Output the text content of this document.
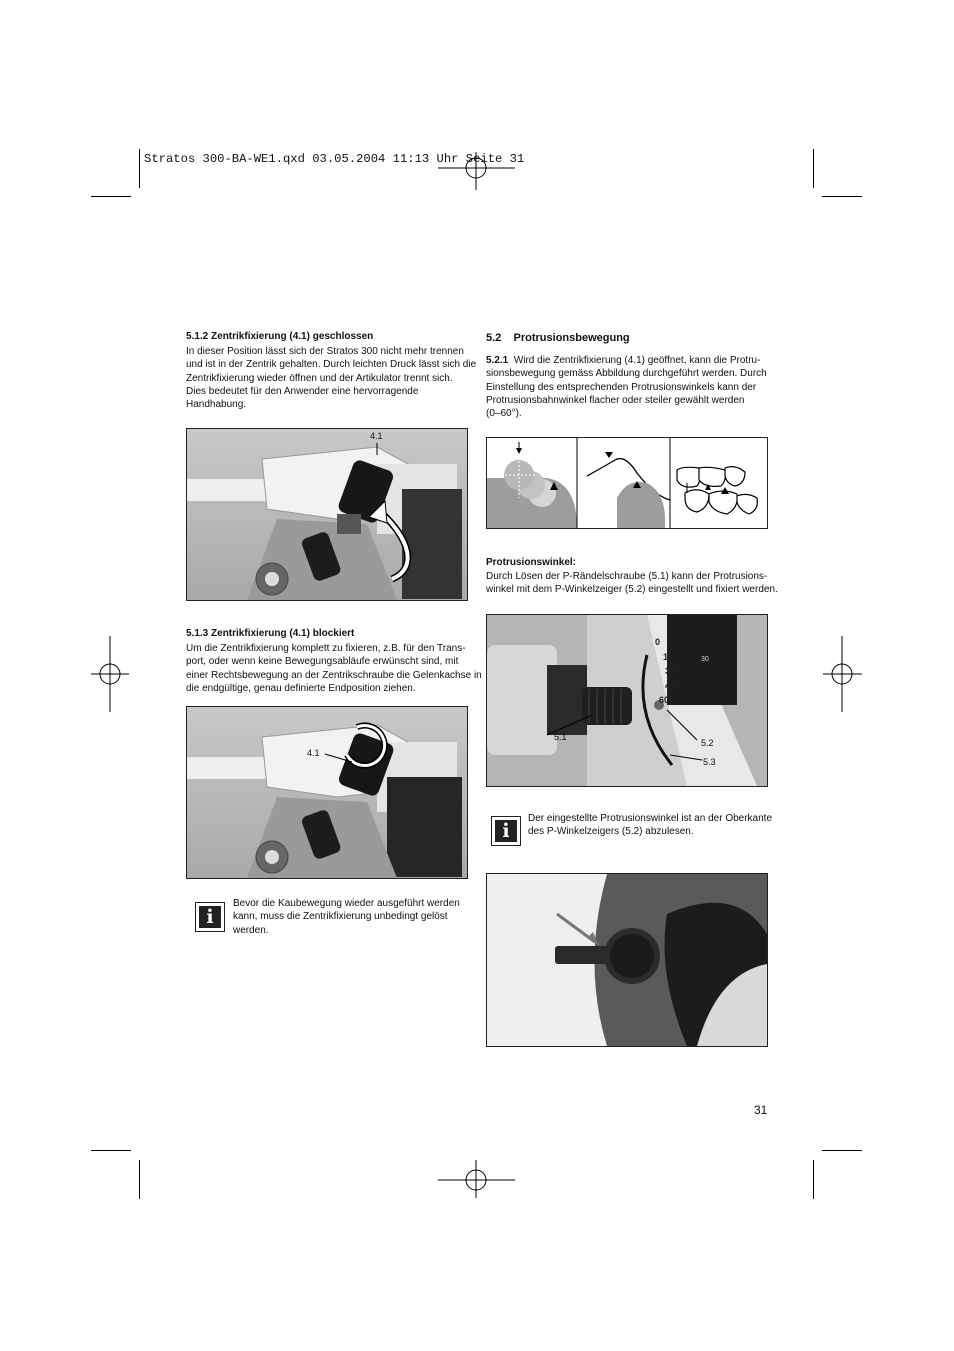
Stratos 300-BA-WE1.qxd 03.05.2004 11:13 Uhr Seite 31
5.1.2 Zentrikfixierung (4.1) geschlossen
In dieser Position lässt sich der Stratos 300 nicht mehr trennen
und ist in der Zentrik gehalten. Durch leichten Druck lässt sich die
Zentrikfixierung wieder öffnen und der Artikulator trennt sich.
Dies bedeutet für den Anwender eine hervorragende
Handhabung.
4.1
5.1.3 Zentrikfixierung (4.1) blockiert
Um die Zentrikfixierung komplett zu fixieren, z.B. für den Trans-
port, oder wenn keine Bewegungsabläufe erwünscht sind, mit
einer Rechtsbewegung an der Zentrikschraube die Gelenkachse in
die endgültige, genau definierte Endposition ziehen.
4.1
i
Bevor die Kaubewegung wieder ausgeführt werden
kann, muss die Zentrikfixierung unbedingt gelöst
werden.
5.2    Protrusionsbewegung
5.2.1 Wird die Zentrikfixierung (4.1) geöffnet, kann die Protru-
sionsbewegung gemäss Abbildung durchgeführt werden. Durch
Einstellung des entsprechenden Protrusionswinkels kann der
Protrusionsbahnwinkel flacher oder steiler gewählt werden
(0–60°).
Protrusionswinkel:
Durch Lösen der P-Rändelschraube (5.1) kann der Protrusions-
winkel mit dem P-Winkelzeiger (5.2) eingestellt und fixiert werden.
0
15
30
45
60
30
5.1
5.2
5.3
i
Der eingestellte Protrusionswinkel ist an der Oberkante
des P-Winkelzeigers (5.2) abzulesen.
31
